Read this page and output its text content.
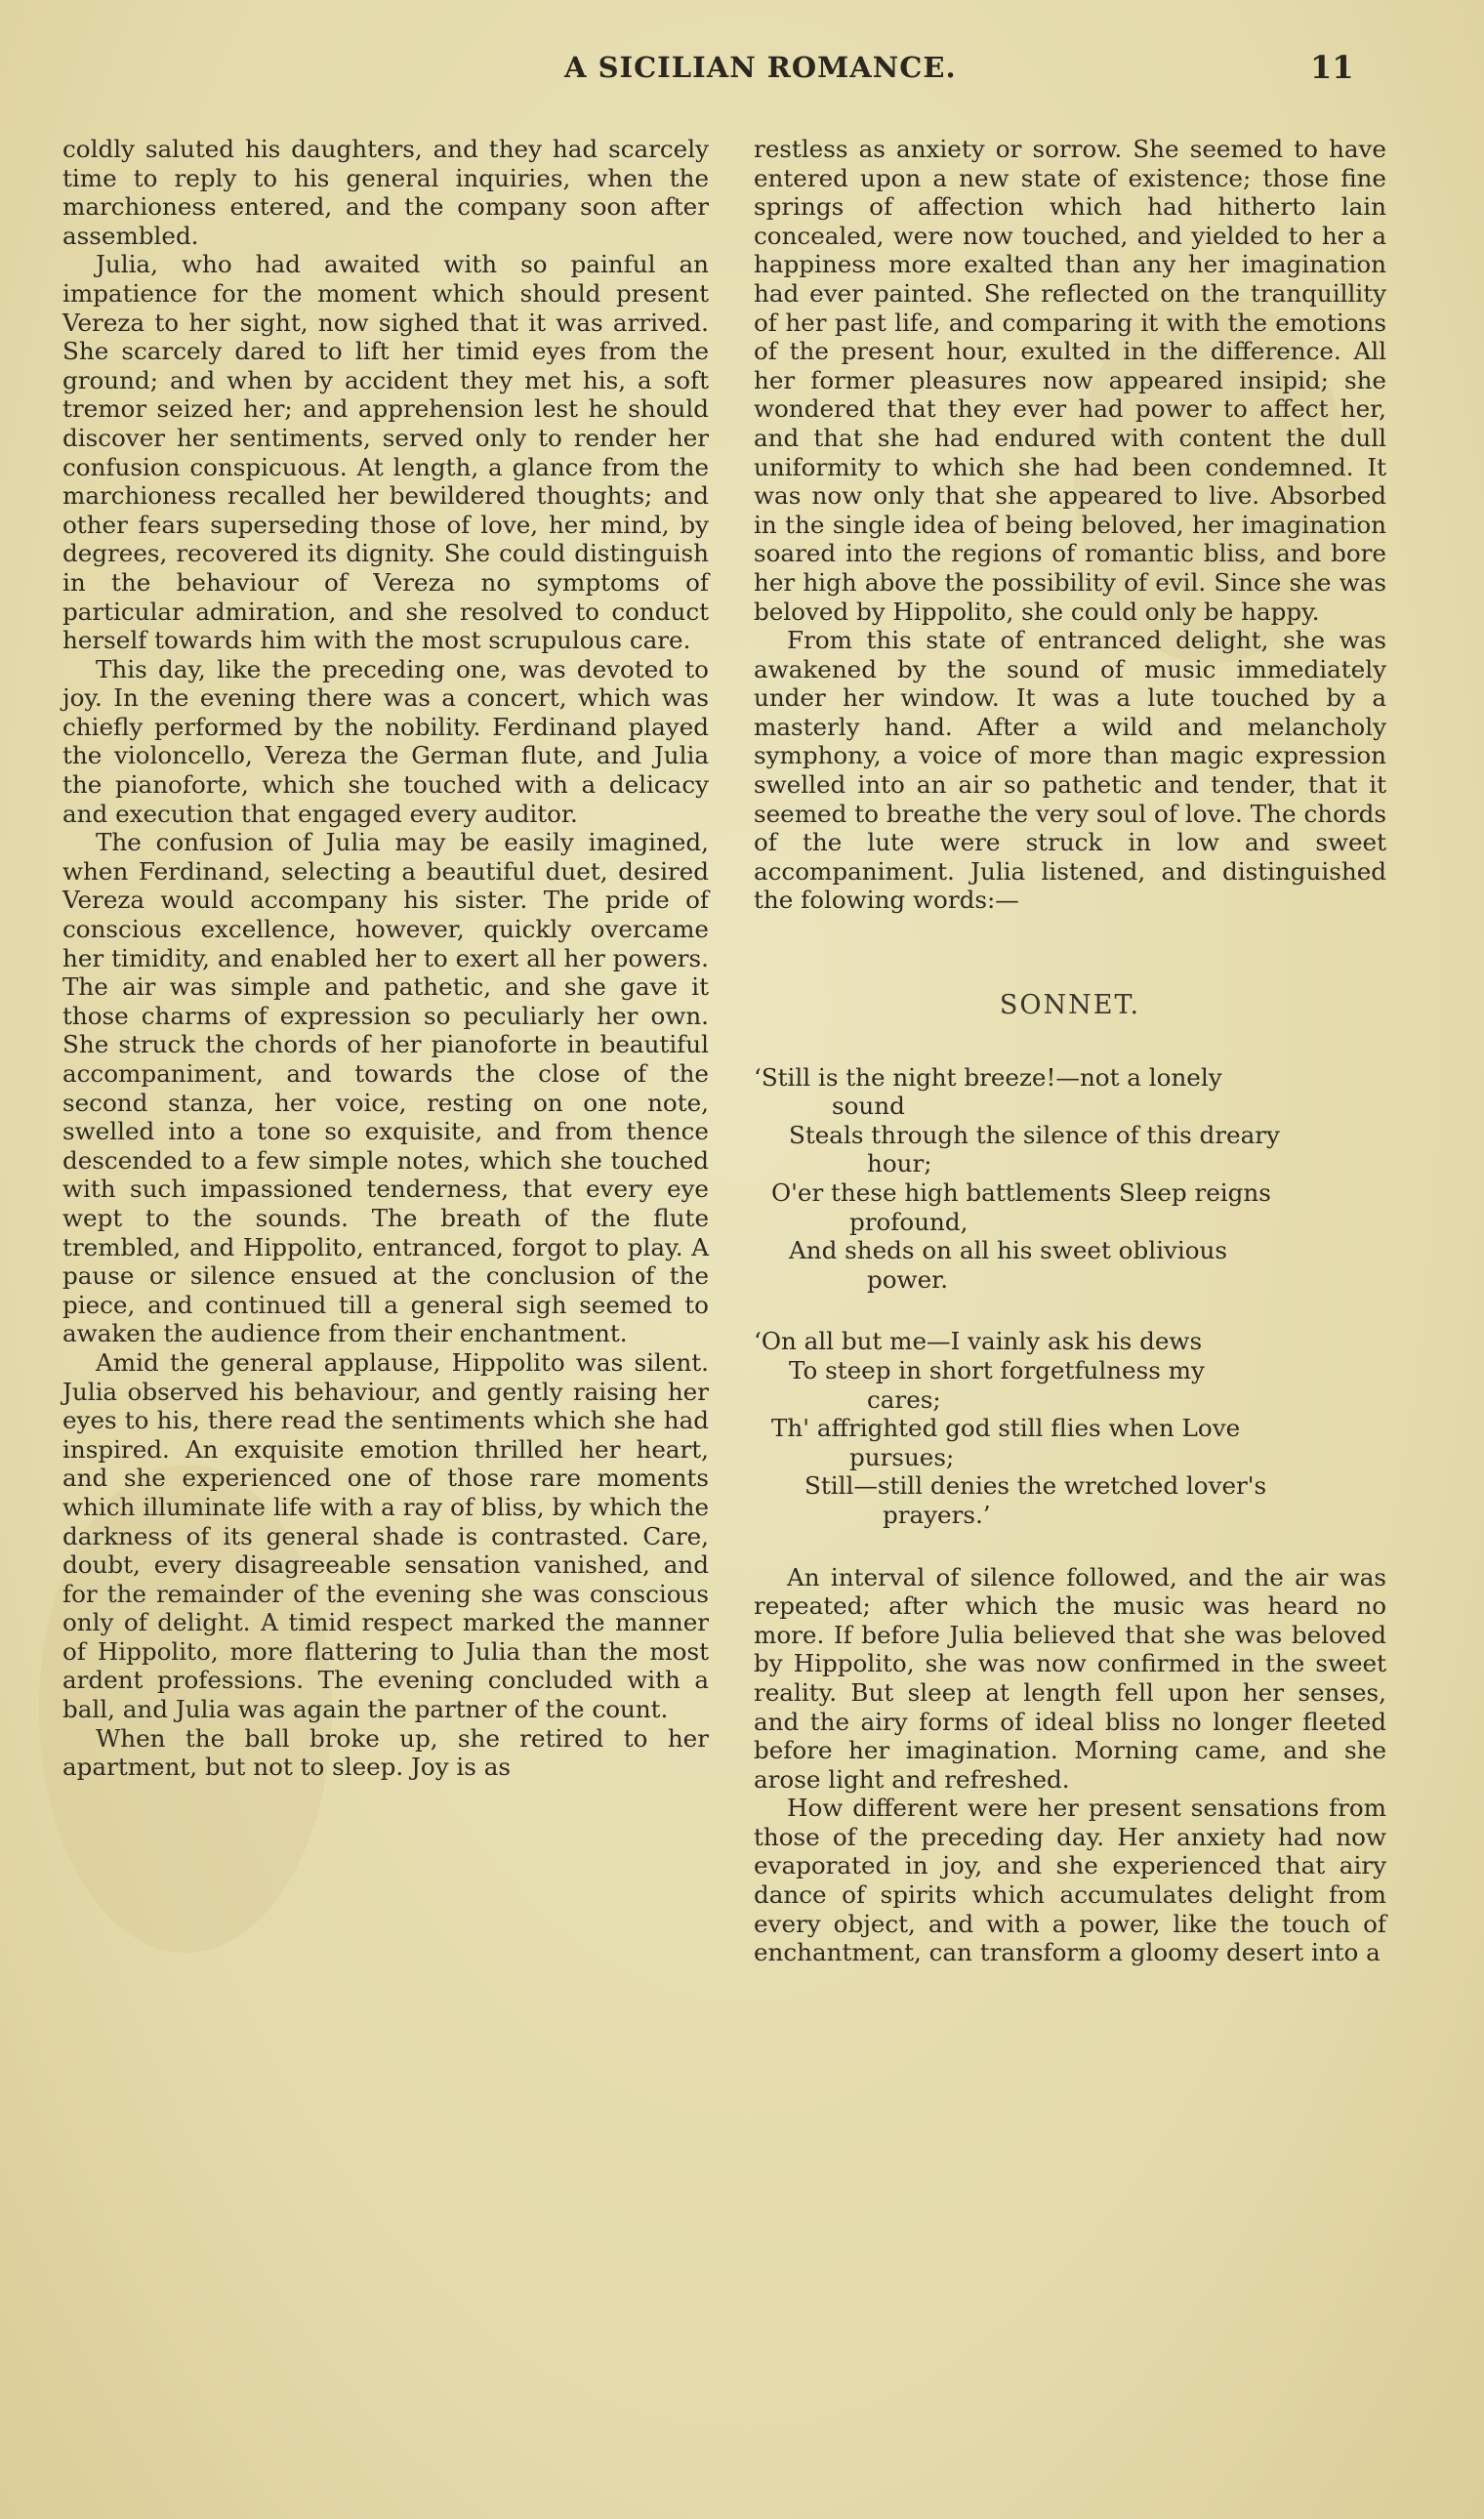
A SICILIAN ROMANCE.	11

coldly saluted his daughters, and they had scarcely time to reply to his general inquiries, when the marchioness entered, and the company soon after assembled.

Julia, who had awaited with so painful an impatience for the moment which should present Vereza to her sight, now sighed that it was arrived. She scarcely dared to lift her timid eyes from the ground; and when by accident they met his, a soft tremor seized her; and apprehension lest he should discover her sentiments, served only to render her confusion conspicuous. At length, a glance from the marchioness recalled her bewildered thoughts; and other fears superseding those of love, her mind, by degrees, recovered its dignity. She could distinguish in the behaviour of Vereza no symptoms of particular admiration, and she resolved to conduct herself towards him with the most scrupulous care.

This day, like the preceding one, was devoted to joy. In the evening there was a concert, which was chiefly performed by the nobility. Ferdinand played the violoncello, Vereza the German flute, and Julia the pianoforte, which she touched with a delicacy and execution that engaged every auditor.

The confusion of Julia may be easily imagined, when Ferdinand, selecting a beautiful duet, desired Vereza would accompany his sister. The pride of conscious excellence, however, quickly overcame her timidity, and enabled her to exert all her powers. The air was simple and pathetic, and she gave it those charms of expression so peculiarly her own. She struck the chords of her pianoforte in beautiful accompaniment, and towards the close of the second stanza, her voice, resting on one note, swelled into a tone so exquisite, and from thence descended to a few simple notes, which she touched with such impassioned tenderness, that every eye wept to the sounds. The breath of the flute trembled, and Hippolito, entranced, forgot to play. A pause or silence ensued at the conclusion of the piece, and continued till a general sigh seemed to awaken the audience from their enchantment.

Amid the general applause, Hippolito was silent. Julia observed his behaviour, and gently raising her eyes to his, there read the sentiments which she had inspired. An exquisite emotion thrilled her heart, and she experienced one of those rare moments which illuminate life with a ray of bliss, by which the darkness of its general shade is contrasted. Care, doubt, every disagreeable sensation vanished, and for the remainder of the evening she was conscious only of delight. A timid respect marked the manner of Hippolito, more flattering to Julia than the most ardent professions. The evening concluded with a ball, and Julia was again the partner of the count.

When the ball broke up, she retired to her apartment, but not to sleep. Joy is as

restless as anxiety or sorrow. She seemed to have entered upon a new state of existence; those fine springs of affection which had hitherto lain concealed, were now touched, and yielded to her a happiness more exalted than any her imagination had ever painted. She reflected on the tranquillity of her past life, and comparing it with the emotions of the present hour, exulted in the difference. All her former pleasures now appeared insipid; she wondered that they ever had power to affect her, and that she had endured with content the dull uniformity to which she had been condemned. It was now only that she appeared to live. Absorbed in the single idea of being beloved, her imagination soared into the regions of romantic bliss, and bore her high above the possibility of evil. Since she was beloved by Hippolito, she could only be happy.

From this state of entranced delight, she was awakened by the sound of music immediately under her window. It was a lute touched by a masterly hand. After a wild and melancholy symphony, a voice of more than magic expression swelled into an air so pathetic and tender, that it seemed to breathe the very soul of love. The chords of the lute were struck in low and sweet accompaniment. Julia listened, and distinguished the folowing words:—

SONNET.
‘Still is the night breeze!—not a lonely
sound
Steals through the silence of this dreary
hour;
O'er these high battlements Sleep reigns
profound,
And sheds on all his sweet oblivious
power.
‘On all but me—I vainly ask his dews
To steep in short forgetfulness my
cares;
Th' affrighted god still flies when Love
pursues;
Still—still denies the wretched lover's
prayers.’

An interval of silence followed, and the air was repeated; after which the music was heard no more. If before Julia believed that she was beloved by Hippolito, she was now confirmed in the sweet reality. But sleep at length fell upon her senses, and the airy forms of ideal bliss no longer fleeted before her imagination. Morning came, and she arose light and refreshed.

How different were her present sensations from those of the preceding day. Her anxiety had now evaporated in joy, and she experienced that airy dance of spirits which accumulates delight from every object, and with a power, like the touch of enchantment, can transform a gloomy desert into a
